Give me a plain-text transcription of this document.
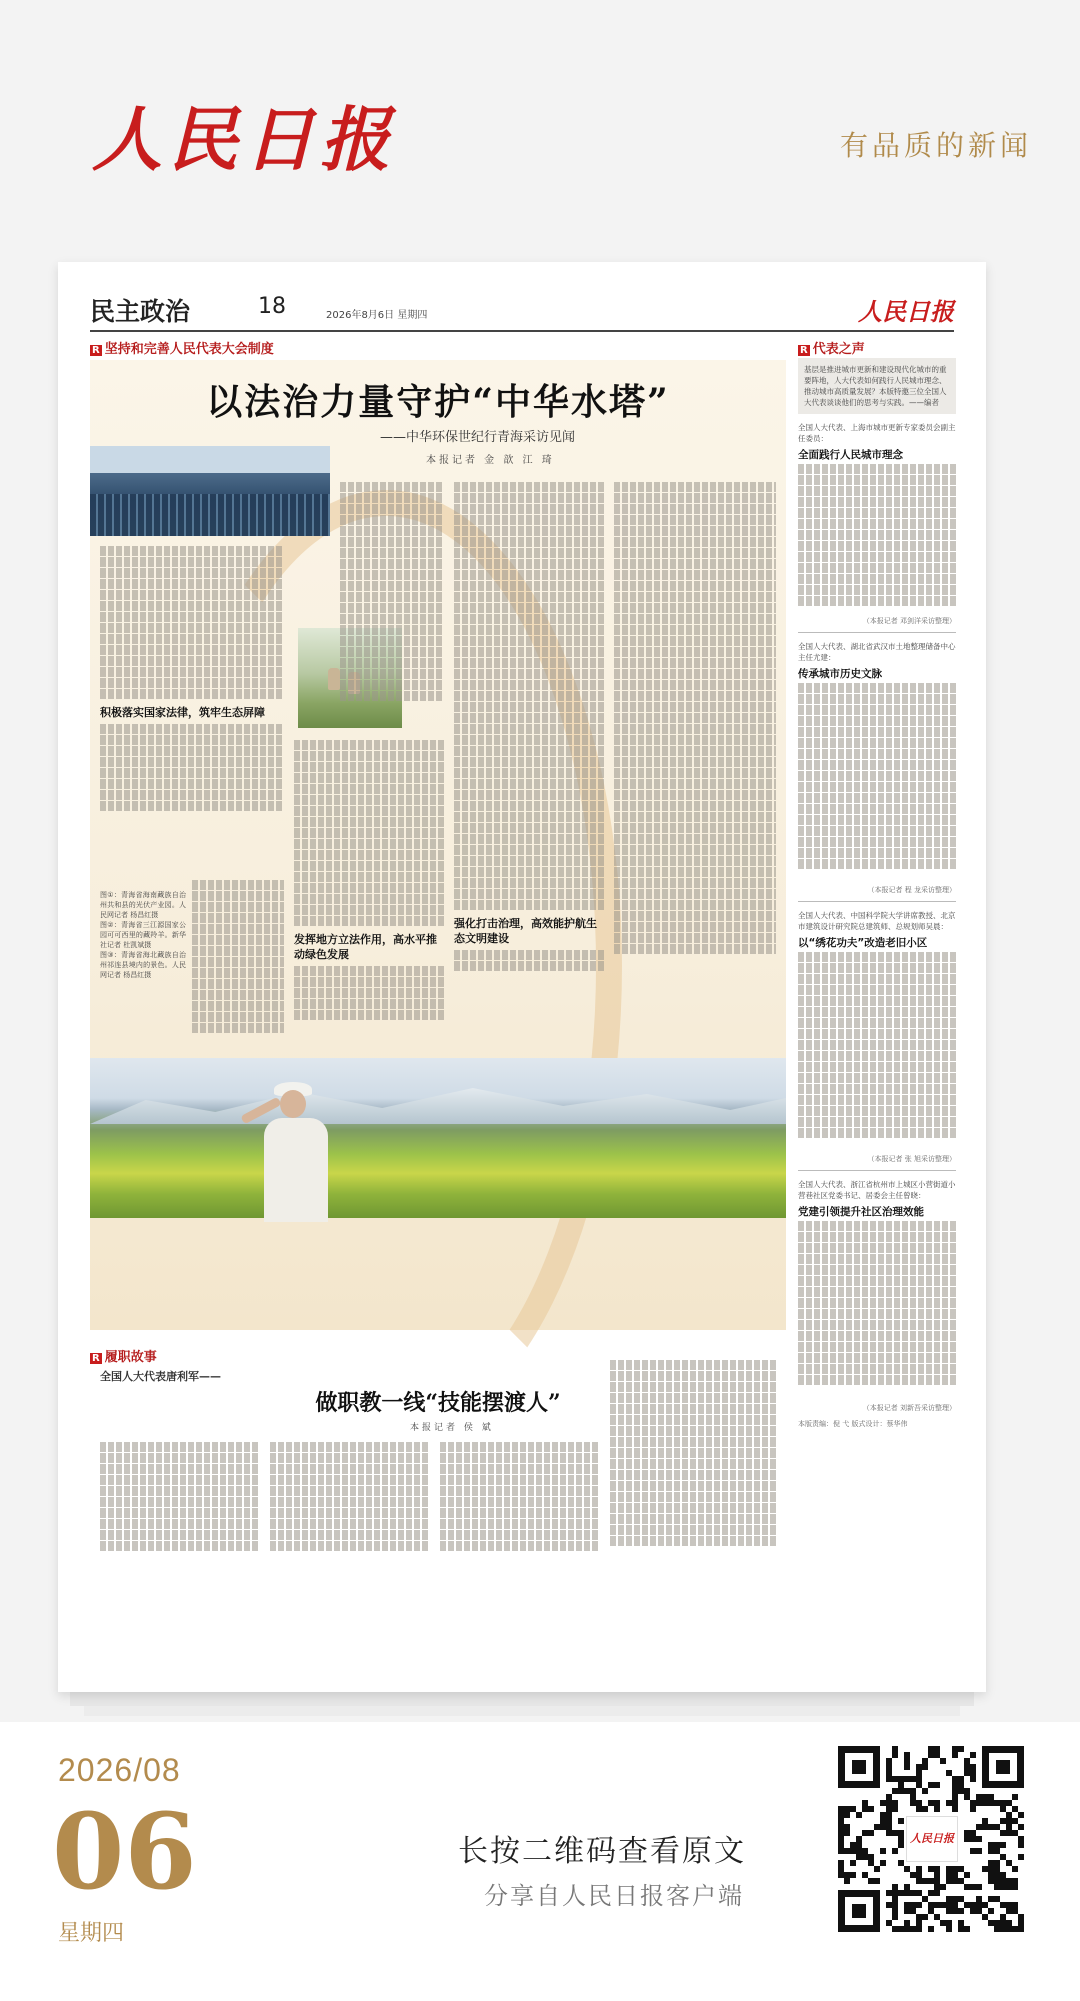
人民日报	有品质的新闻
民主政治	18	2026年8月6日 星期四	人民日报
R 坚持和完善人民代表大会制度	R 代表之声
以法治力量守护“中华水塔”
——中华环保世纪行青海采访见闻
本报记者 金 歆 江 琦
积极落实国家法律，筑牢生态屏障
图①：青海省海南藏族自治州共和县的光伏产业园。人民网记者 杨昌红摄
图②：青海省三江源国家公园可可西里的藏羚羊。新华社记者 杜凯斌摄
图③：青海省海北藏族自治州祁连县境内的景色。人民网记者 杨昌红摄
发挥地方立法作用，高水平推动绿色发展
强化打击治理，高效能护航生态文明建设
R 履职故事
全国人大代表唐利军——
做职教一线“技能摆渡人”
本报记者 侯 斌
基层是推进城市更新和建设现代化城市的重要阵地，人大代表如何践行人民城市理念、推动城市高质量发展？本版特邀三位全国人大代表谈谈他们的思考与实践。——编者
全国人大代表、上海市城市更新专家委员会副主任委员：
全面践行人民城市理念
（本报记者 邓剑洋采访整理）
全国人大代表、湖北省武汉市土地整理储备中心主任尤建：
传承城市历史文脉
（本报记者 程 龙采访整理）
全国人大代表、中国科学院大学讲席教授、北京市建筑设计研究院总建筑师、总规划师吴晨：
以“绣花功夫”改造老旧小区
（本报记者 张 旭采访整理）
全国人大代表、浙江省杭州市上城区小营街道小营巷社区党委书记、居委会主任曾晓：
党建引领提升社区治理效能
（本报记者 刘新吾采访整理）
本版责编：倪 弋 版式设计：蔡华伟
2026/08
06
星期四
长按二维码查看原文
分享自人民日报客户端
人民日报
